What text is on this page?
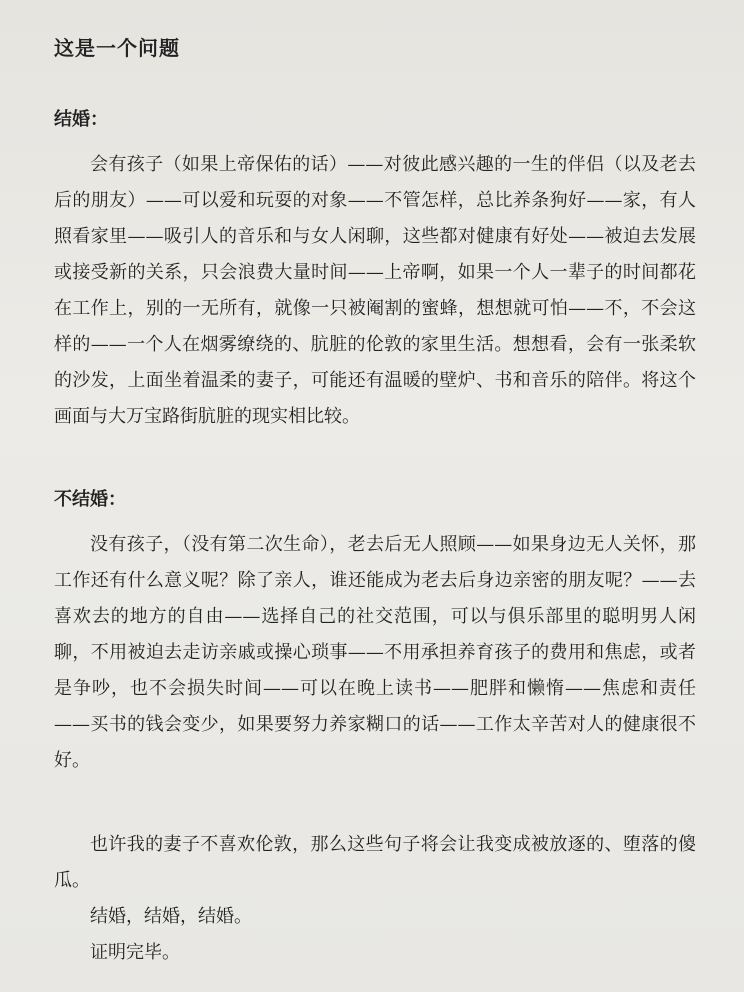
这是一个问题
结婚：

会有孩子（如果上帝保佑的话）——对彼此感兴趣的一生的伴侣（以及老去后的朋友）——可以爱和玩耍的对象——不管怎样，总比养条狗好——家，有人照看家里——吸引人的音乐和与女人闲聊，这些都对健康有好处——被迫去发展或接受新的关系，只会浪费大量时间——上帝啊，如果一个人一辈子的时间都花在工作上，别的一无所有，就像一只被阉割的蜜蜂，想想就可怕——不，不会这样的——一个人在烟雾缭绕的、肮脏的伦敦的家里生活。想想看，会有一张柔软的沙发，上面坐着温柔的妻子，可能还有温暖的壁炉、书和音乐的陪伴。将这个画面与大万宝路街肮脏的现实相比较。

不结婚：

没有孩子，（没有第二次生命），老去后无人照顾——如果身边无人关怀，那工作还有什么意义呢？除了亲人，谁还能成为老去后身边亲密的朋友呢？——去喜欢去的地方的自由——选择自己的社交范围，可以与俱乐部里的聪明男人闲聊，不用被迫去走访亲戚或操心琐事——不用承担养育孩子的费用和焦虑，或者是争吵，也不会损失时间——可以在晚上读书——肥胖和懒惰——焦虑和责任——买书的钱会变少，如果要努力养家糊口的话——工作太辛苦对人的健康很不好。

也许我的妻子不喜欢伦敦，那么这些句子将会让我变成被放逐的、堕落的傻瓜。

结婚，结婚，结婚。

证明完毕。
